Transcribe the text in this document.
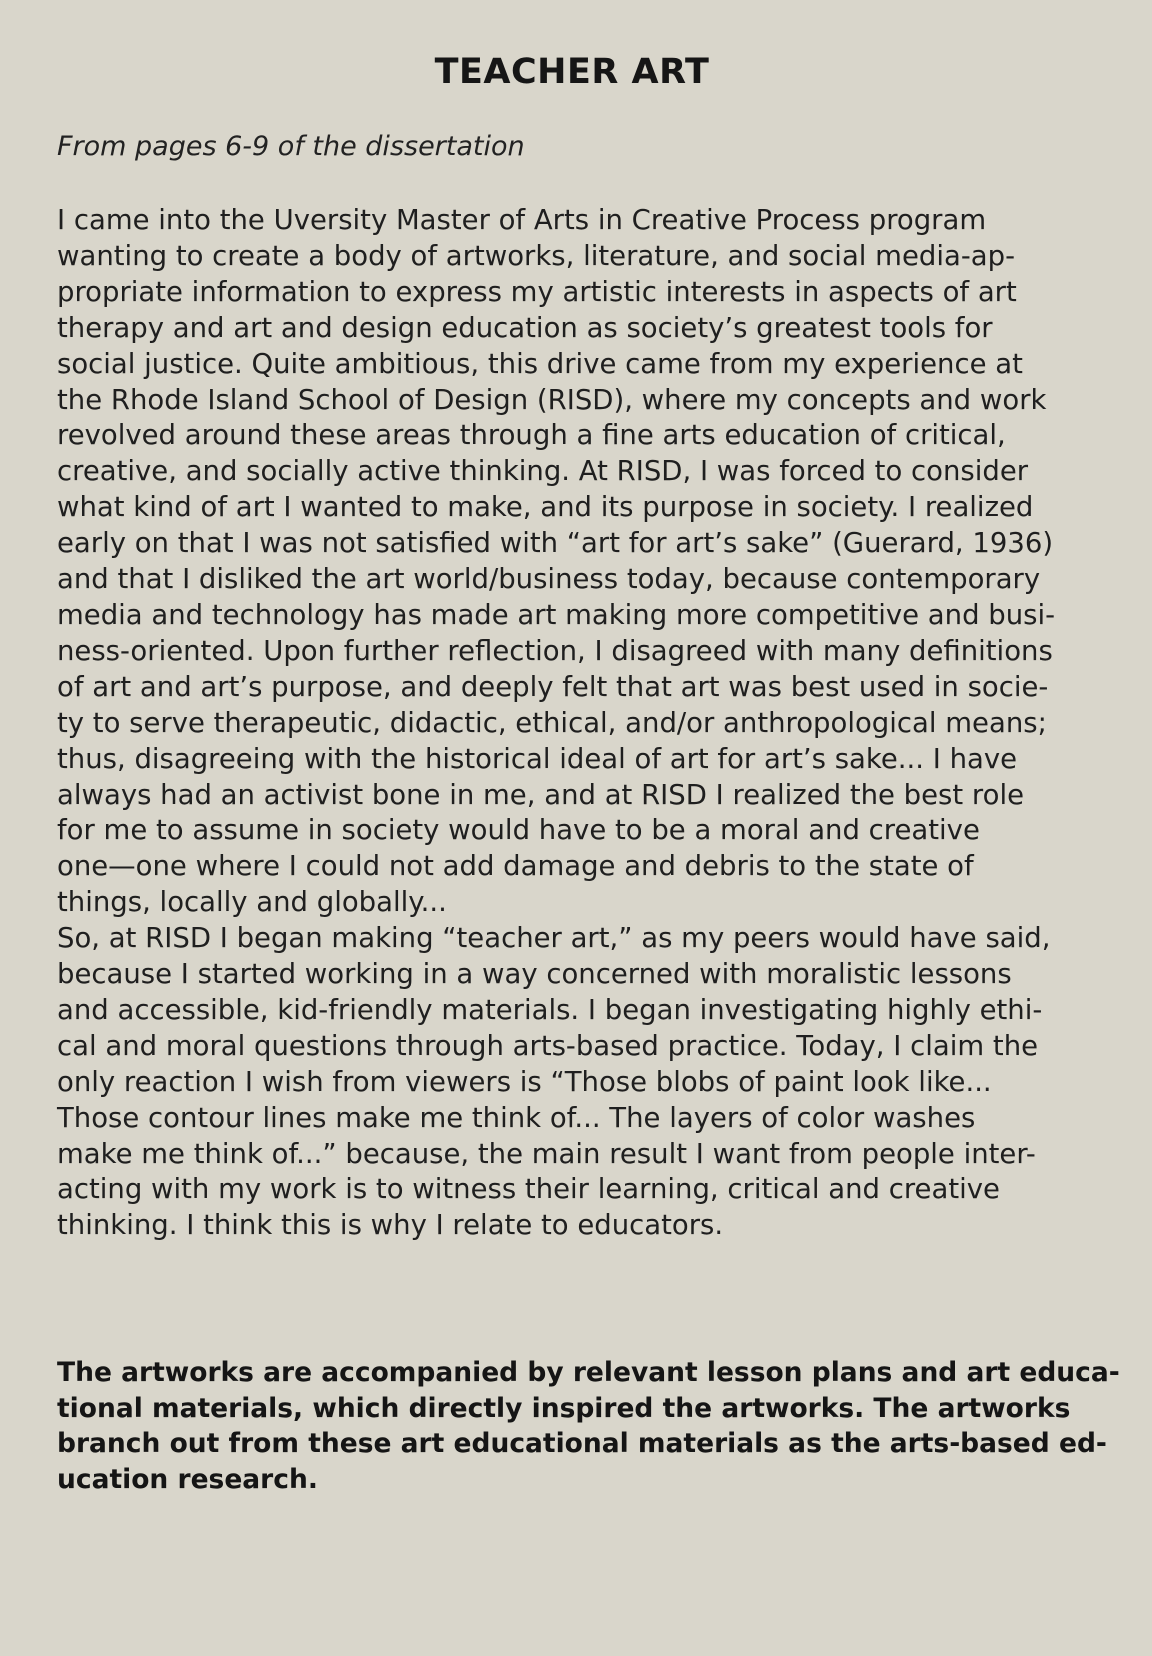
TEACHER ART

From pages 6-9 of the dissertation

I came into the Uversity Master of Arts in Creative Process program
wanting to create a body of artworks, literature, and social media-ap-
propriate information to express my artistic interests in aspects of art
therapy and art and design education as society’s greatest tools for
social justice. Quite ambitious, this drive came from my experience at
the Rhode Island School of Design (RISD), where my concepts and work
revolved around these areas through a fine arts education of critical,
creative, and socially active thinking. At RISD, I was forced to consider
what kind of art I wanted to make, and its purpose in society. I realized
early on that I was not satisfied with “art for art’s sake” (Guerard, 1936)
and that I disliked the art world/business today, because contemporary
media and technology has made art making more competitive and busi-
ness-oriented. Upon further reflection, I disagreed with many definitions
of art and art’s purpose, and deeply felt that art was best used in socie-
ty to serve therapeutic, didactic, ethical, and/or anthropological means;
thus, disagreeing with the historical ideal of art for art’s sake... I have
always had an activist bone in me, and at RISD I realized the best role
for me to assume in society would have to be a moral and creative
one—one where I could not add damage and debris to the state of
things, locally and globally...

So, at RISD I began making “teacher art,” as my peers would have said,
because I started working in a way concerned with moralistic lessons
and accessible, kid-friendly materials. I began investigating highly ethi-
cal and moral questions through arts-based practice. Today, I claim the
only reaction I wish from viewers is “Those blobs of paint look like...
Those contour lines make me think of... The layers of color washes
make me think of...” because, the main result I want from people inter-
acting with my work is to witness their learning, critical and creative
thinking. I think this is why I relate to educators.

The artworks are accompanied by relevant lesson plans and art educa-
tional materials, which directly inspired the artworks. The artworks
branch out from these art educational materials as the arts-based ed-
ucation research.
